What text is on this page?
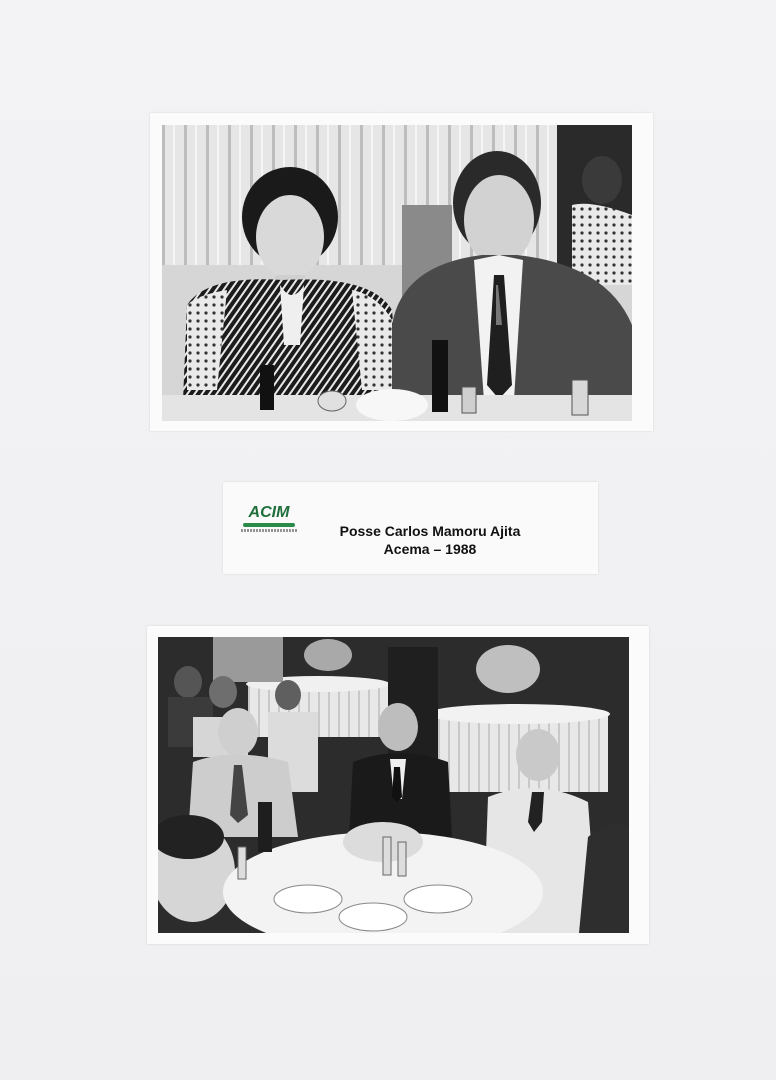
ACIM
Posse Carlos Mamoru Ajita
Acema – 1988
